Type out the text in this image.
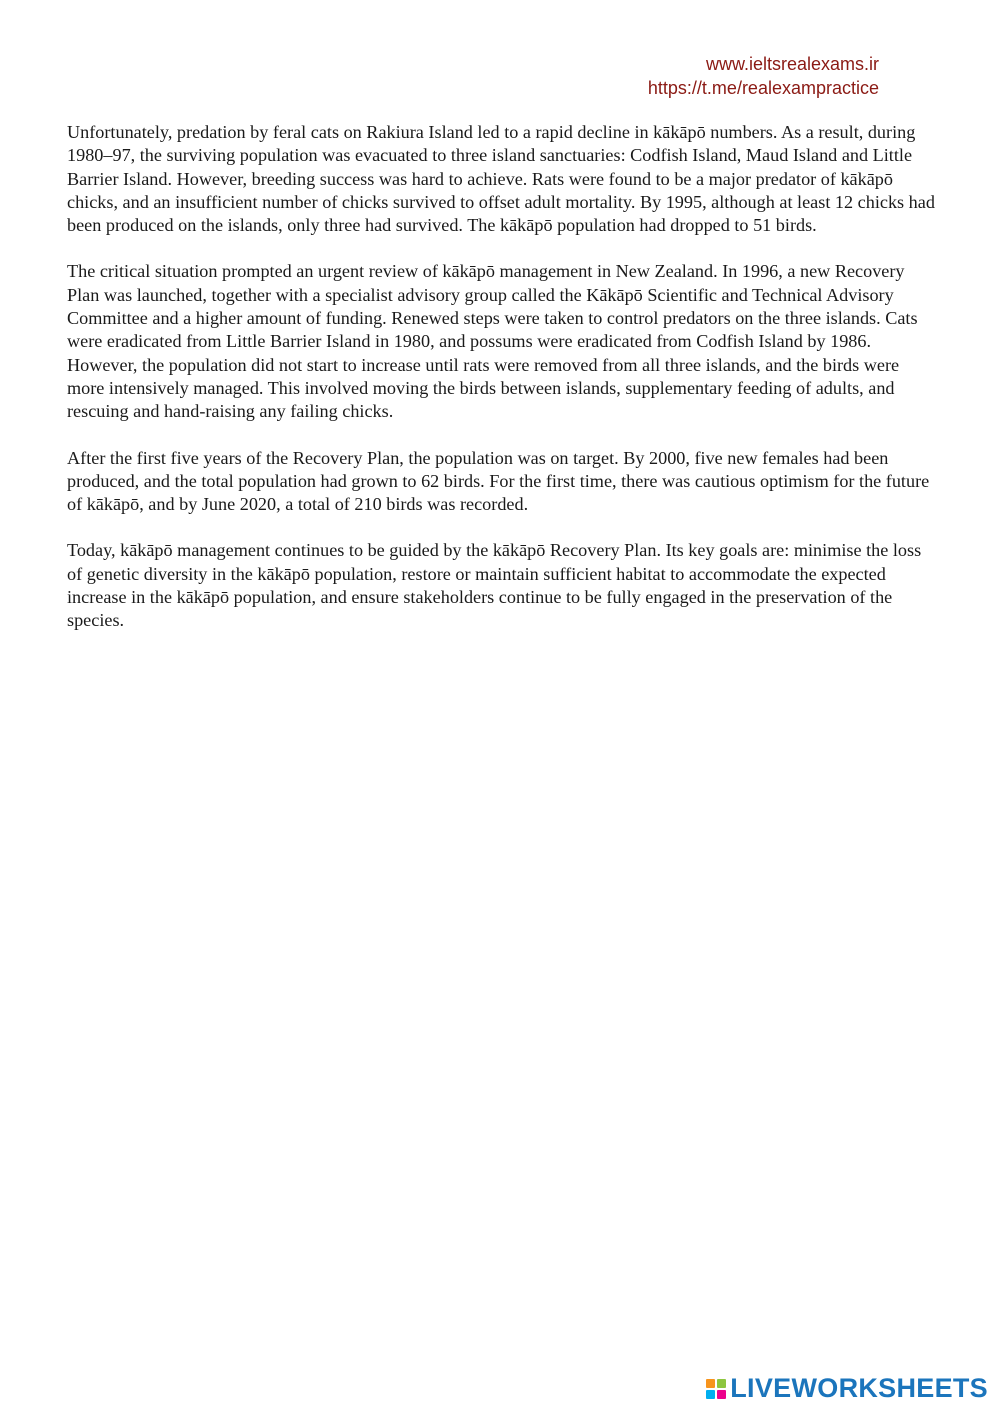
www.ieltsrealexams.ir
https://t.me/realexampractice

Unfortunately, predation by feral cats on Rakiura Island led to a rapid decline in kākāpō numbers. As a result, during 1980–97, the surviving population was evacuated to three island sanctuaries: Codfish Island, Maud Island and Little Barrier Island. However, breeding success was hard to achieve. Rats were found to be a major predator of kākāpō chicks, and an insufficient number of chicks survived to offset adult mortality. By 1995, although at least 12 chicks had been produced on the islands, only three had survived. The kākāpō population had dropped to 51 birds.

The critical situation prompted an urgent review of kākāpō management in New Zealand. In 1996, a new Recovery Plan was launched, together with a specialist advisory group called the Kākāpō Scientific and Technical Advisory Committee and a higher amount of funding. Renewed steps were taken to control predators on the three islands. Cats were eradicated from Little Barrier Island in 1980, and possums were eradicated from Codfish Island by 1986. However, the population did not start to increase until rats were removed from all three islands, and the birds were more intensively managed. This involved moving the birds between islands, supplementary feeding of adults, and rescuing and hand-raising any failing chicks.

After the first five years of the Recovery Plan, the population was on target. By 2000, five new females had been produced, and the total population had grown to 62 birds. For the first time, there was cautious optimism for the future of kākāpō, and by June 2020, a total of 210 birds was recorded.

Today, kākāpō management continues to be guided by the kākāpō Recovery Plan. Its key goals are: minimise the loss of genetic diversity in the kākāpō population, restore or maintain sufficient habitat to accommodate the expected increase in the kākāpō population, and ensure stakeholders continue to be fully engaged in the preservation of the species.

LIVEWORKSHEETS
